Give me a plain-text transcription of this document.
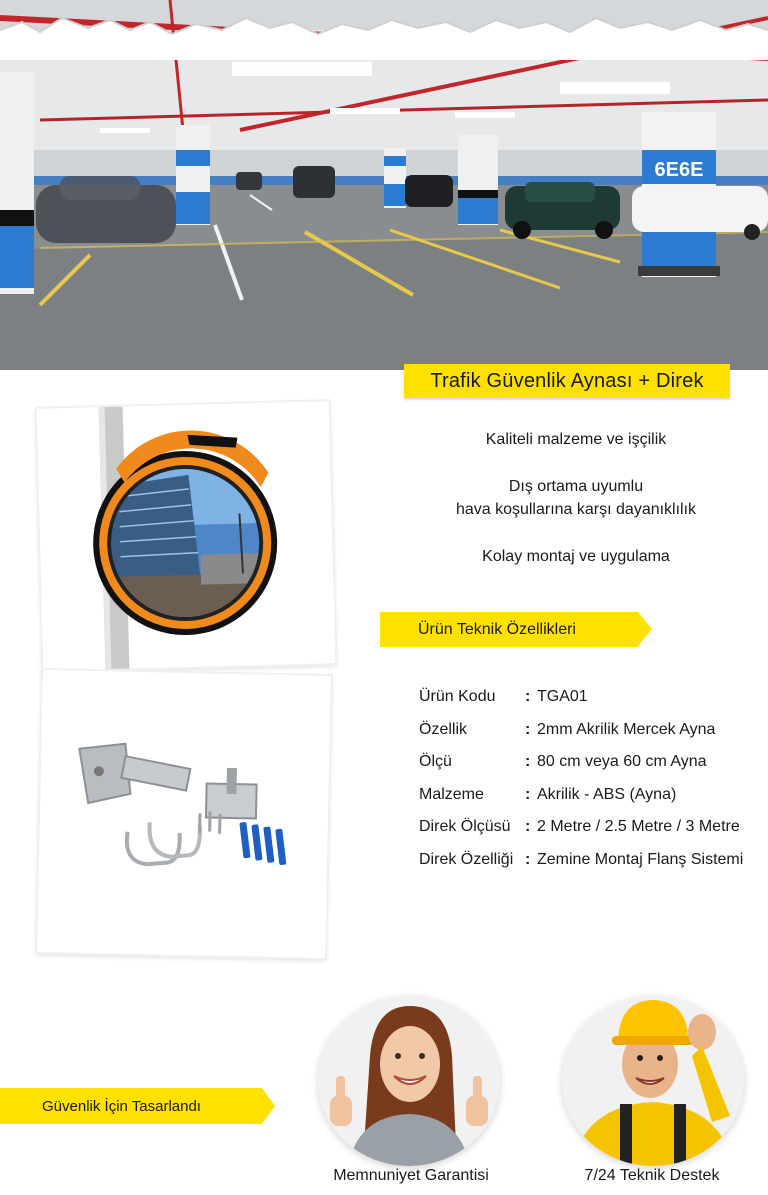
6E6E
Trafik Güvenlik Aynası + Direk
Kaliteli malzeme ve işçilik
Dış ortama uyumlu
hava koşullarına karşı dayanıklılık
Kolay montaj ve uygulama
Ürün Teknik Özellikleri
Ürün Kodu	: TGA01
Özellik	: 2mm Akrilik Mercek Ayna
Ölçü	: 80 cm veya 60 cm Ayna
Malzeme	: Akrilik - ABS (Ayna)
Direk Ölçüsü : 2 Metre / 2.5 Metre / 3 Metre
Direk Özelliği : Zemine Montaj Flanş Sistemi
Güvenlik İçin Tasarlandı
Memnuniyet Garantisi	7/24 Teknik Destek
